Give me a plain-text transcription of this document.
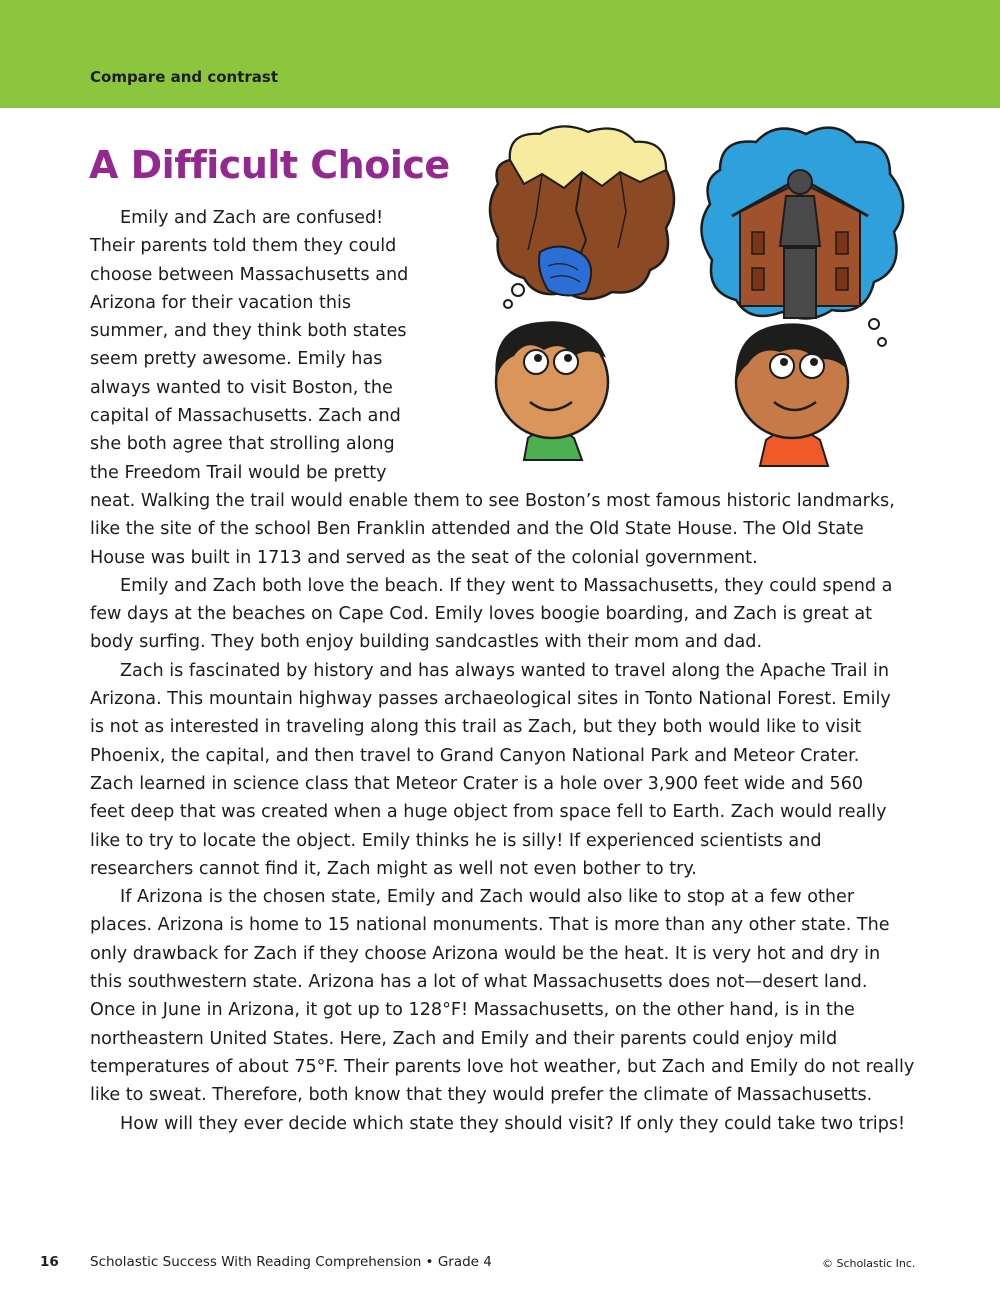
Compare and contrast
A Difficult Choice
Emily and Zach are confused!
Their parents told them they could
choose between Massachusetts and
Arizona for their vacation this
summer, and they think both states
seem pretty awesome. Emily has
always wanted to visit Boston, the
capital of Massachusetts. Zach and
she both agree that strolling along
the Freedom Trail would be pretty
neat. Walking the trail would enable them to see Boston’s most famous historic landmarks,
like the site of the school Ben Franklin attended and the Old State House. The Old State
House was built in 1713 and served as the seat of the colonial government.
Emily and Zach both love the beach. If they went to Massachusetts, they could spend a
few days at the beaches on Cape Cod. Emily loves boogie boarding, and Zach is great at
body surfing. They both enjoy building sandcastles with their mom and dad.
Zach is fascinated by history and has always wanted to travel along the Apache Trail in
Arizona. This mountain highway passes archaeological sites in Tonto National Forest. Emily
is not as interested in traveling along this trail as Zach, but they both would like to visit
Phoenix, the capital, and then travel to Grand Canyon National Park and Meteor Crater.
Zach learned in science class that Meteor Crater is a hole over 3,900 feet wide and 560
feet deep that was created when a huge object from space fell to Earth. Zach would really
like to try to locate the object. Emily thinks he is silly! If experienced scientists and
researchers cannot find it, Zach might as well not even bother to try.
If Arizona is the chosen state, Emily and Zach would also like to stop at a few other
places. Arizona is home to 15 national monuments. That is more than any other state. The
only drawback for Zach if they choose Arizona would be the heat. It is very hot and dry in
this southwestern state. Arizona has a lot of what Massachusetts does not—desert land.
Once in June in Arizona, it got up to 128°F! Massachusetts, on the other hand, is in the
northeastern United States. Here, Zach and Emily and their parents could enjoy mild
temperatures of about 75°F. Their parents love hot weather, but Zach and Emily do not really
like to sweat. Therefore, both know that they would prefer the climate of Massachusetts.
How will they ever decide which state they should visit? If only they could take two trips!
16 Scholastic Success With Reading Comprehension • Grade 4	© Scholastic Inc.
